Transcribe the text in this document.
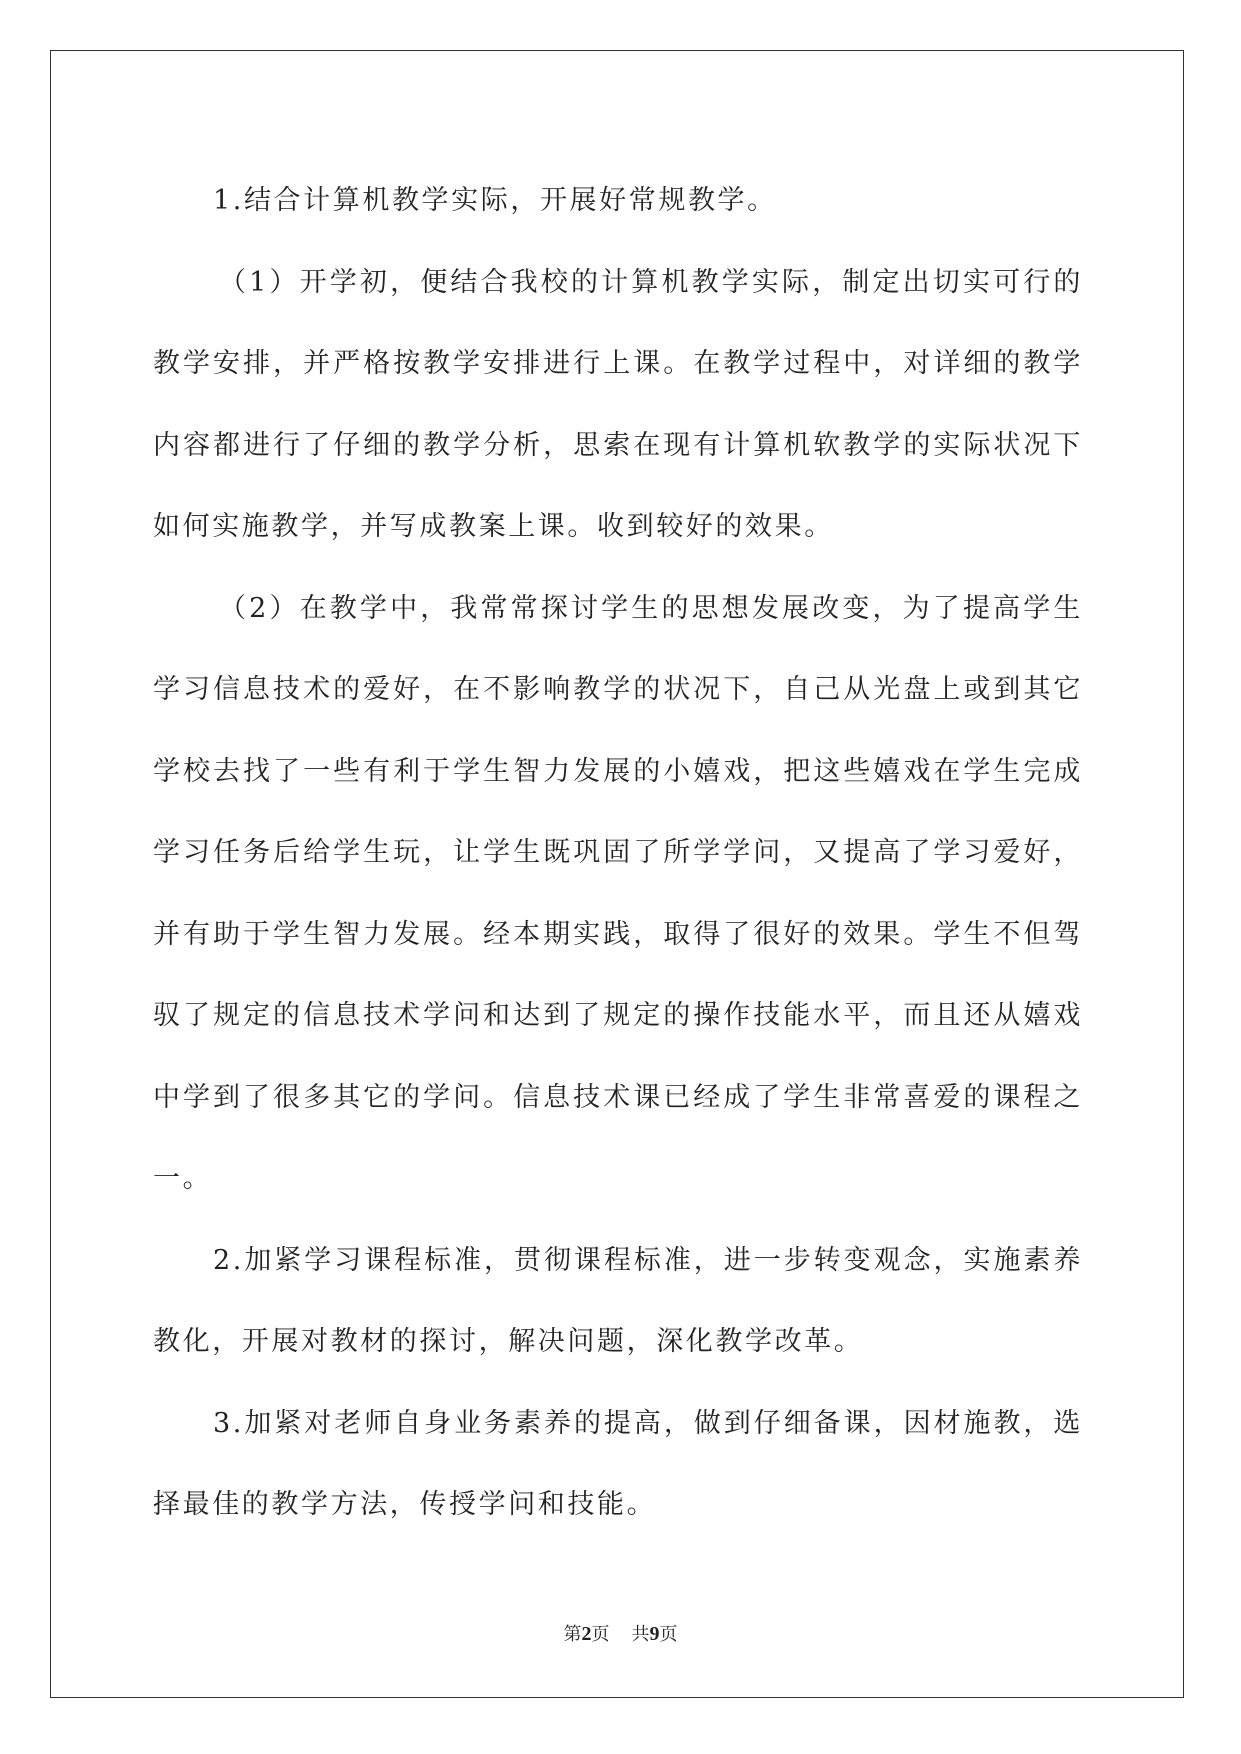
1.结合计算机教学实际，开展好常规教学。

（1）开学初，便结合我校的计算机教学实际，制定出切实可行的教学安排，并严格按教学安排进行上课。在教学过程中，对详细的教学内容都进行了仔细的教学分析，思索在现有计算机软教学的实际状况下如何实施教学，并写成教案上课。收到较好的效果。

（2）在教学中，我常常探讨学生的思想发展改变，为了提高学生学习信息技术的爱好，在不影响教学的状况下，自己从光盘上或到其它学校去找了一些有利于学生智力发展的小嬉戏，把这些嬉戏在学生完成学习任务后给学生玩，让学生既巩固了所学学问，又提高了学习爱好，并有助于学生智力发展。经本期实践，取得了很好的效果。学生不但驾驭了规定的信息技术学问和达到了规定的操作技能水平，而且还从嬉戏中学到了很多其它的学问。信息技术课已经成了学生非常喜爱的课程之一。

2.加紧学习课程标准，贯彻课程标准，进一步转变观念，实施素养教化，开展对教材的探讨，解决问题，深化教学改革。

3.加紧对老师自身业务素养的提高，做到仔细备课，因材施教，选择最佳的教学方法，传授学问和技能。

第2页 共9页
